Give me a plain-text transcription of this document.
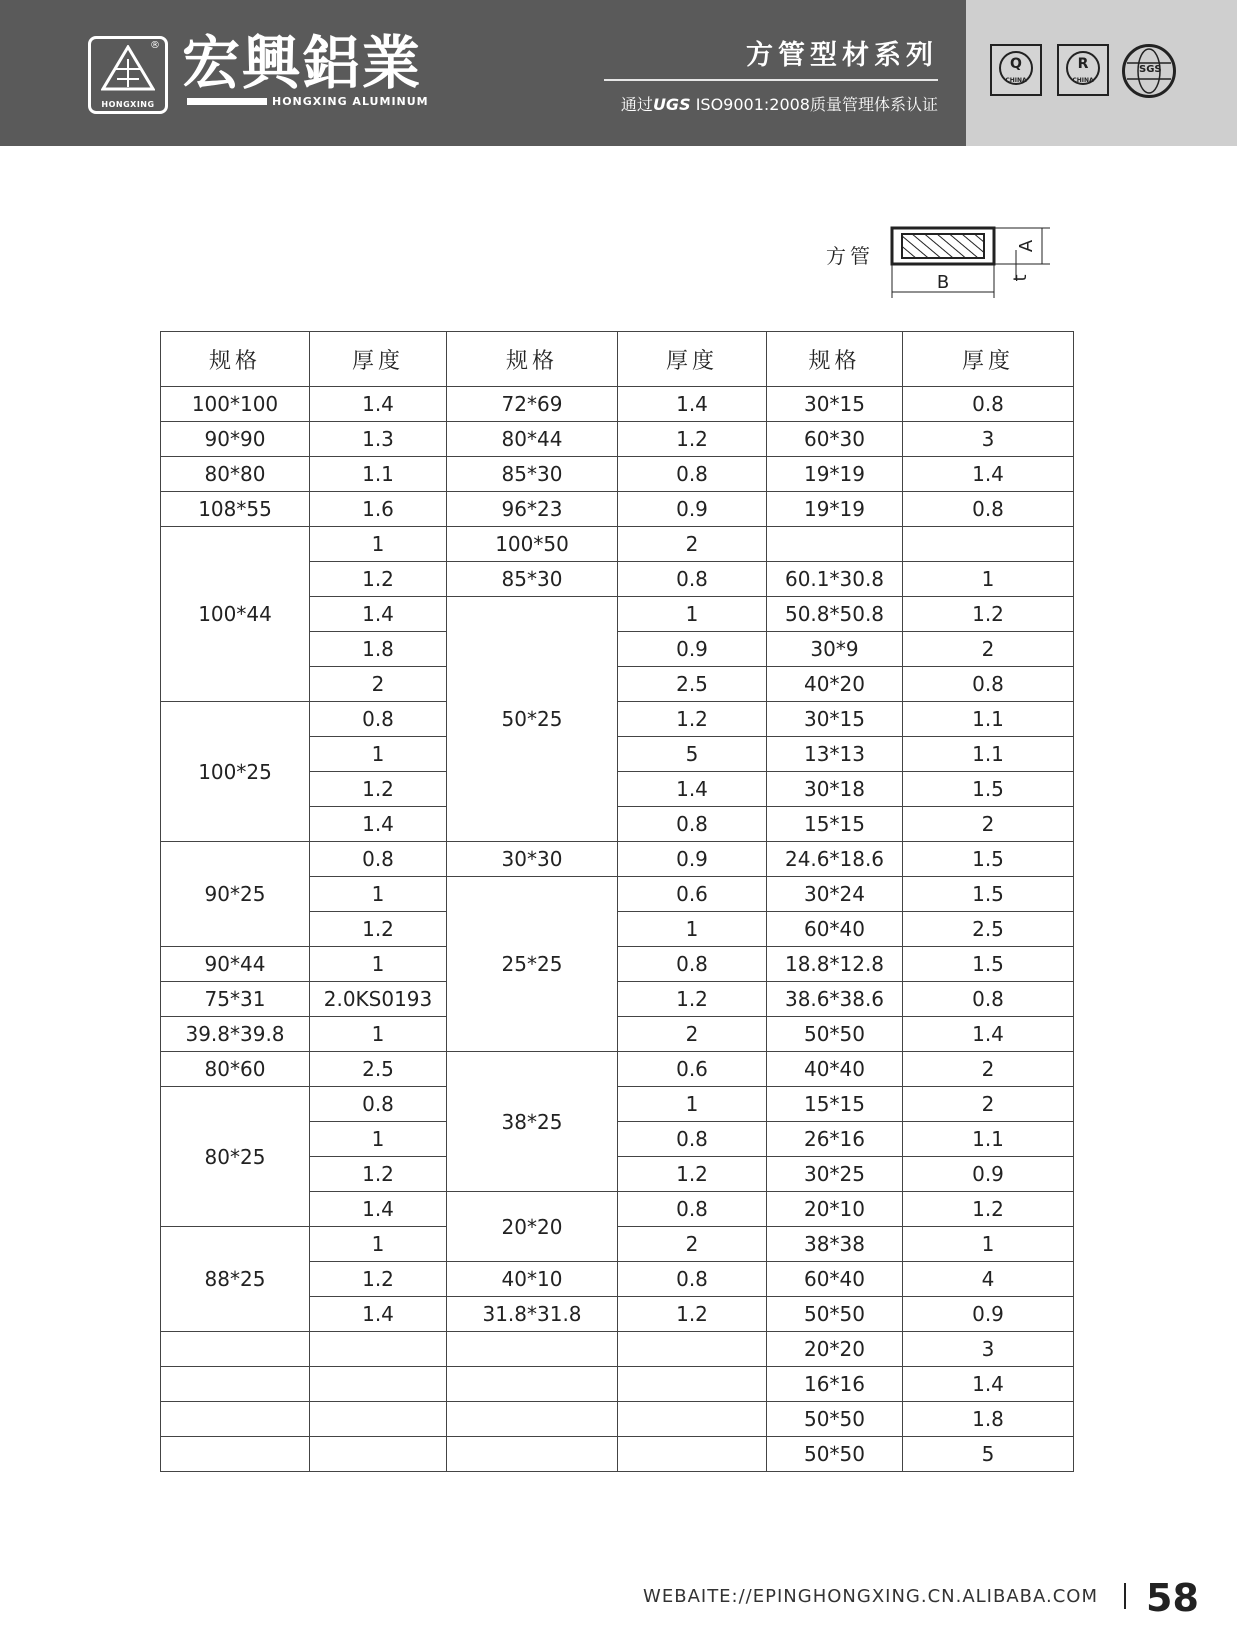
HONGXING
® 宏興鋁業
HONGXING ALUMINUM
方管型材系列
通过UGS ISO9001:2008质量管理体系认证
Q
CHINA
R
CHINA
SGS
方管
B
A
t
规格	厚度	规格	厚度	规格	厚度
100*100	1.4	72*69	1.4	30*15	0.8
90*90	1.3	80*44	1.2	60*30	3
80*80	1.1	85*30	0.8	19*19	1.4
108*55	1.6	96*23	0.9	19*19	0.8
100*44	1	100*50	2		
	1.2	85*30	0.8	60.1*30.8	1
	1.4	50*25	1	50.8*50.8	1.2
	1.8		0.9	30*9	2
	2		2.5	40*20	0.8
100*25	0.8		1.2	30*15	1.1
	1		5	13*13	1.1
	1.2		1.4	30*18	1.5
	1.4		0.8	15*15	2
90*25	0.8	30*30	0.9	24.6*18.6	1.5
	1	25*25	0.6	30*24	1.5
	1.2		1	60*40	2.5
90*44	1		0.8	18.8*12.8	1.5
75*31	2.0KS0193		1.2	38.6*38.6	0.8
39.8*39.8	1		2	50*50	1.4
80*60	2.5	38*25	0.6	40*40	2
80*25	0.8		1	15*15	2
	1		0.8	26*16	1.1
	1.2		1.2	30*25	0.9
	1.4	20*20	0.8	20*10	1.2
88*25	1		2	38*38	1
	1.2	40*10	0.8	60*40	4
	1.4	31.8*31.8	1.2	50*50	0.9
				20*20	3
				16*16	1.4
				50*50	1.8
				50*50	5
WEBAITE://EPINGHONGXING.CN.ALIBABA.COM 58
